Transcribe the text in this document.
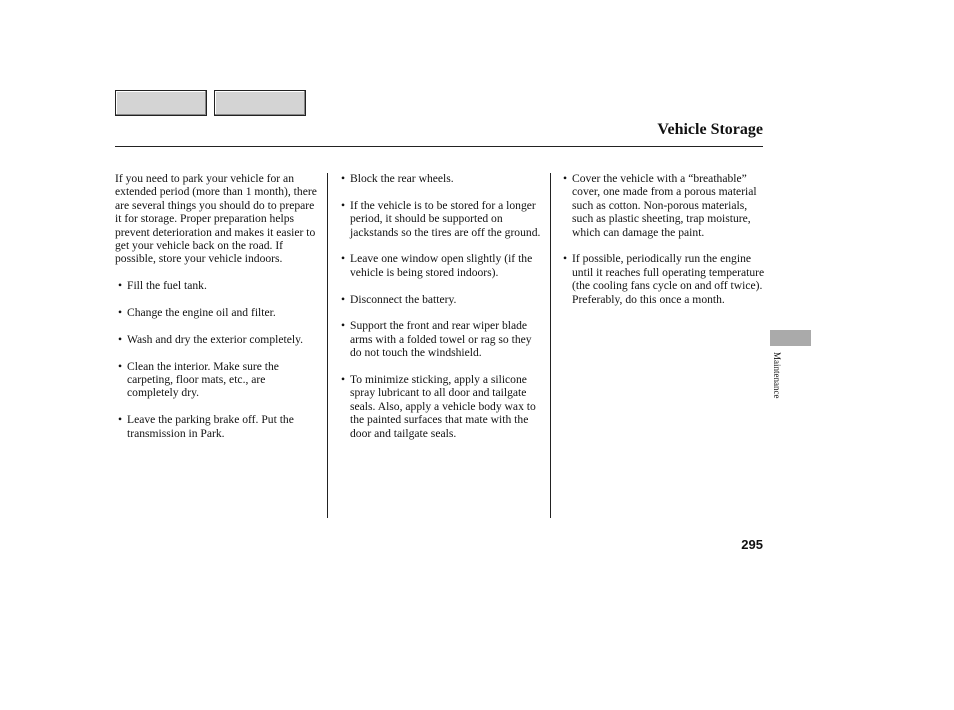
Vehicle Storage

If you need to park your vehicle for an extended period (more than 1 month), there are several things you should do to prepare it for storage. Proper preparation helps prevent deterioration and makes it easier to get your vehicle back on the road. If possible, store your vehicle indoors.

• Fill the fuel tank.
• Change the engine oil and filter.
• Wash and dry the exterior completely.
• Clean the interior. Make sure the carpeting, floor mats, etc., are completely dry.
• Leave the parking brake off. Put the transmission in Park.
• Block the rear wheels.
• If the vehicle is to be stored for a longer period, it should be supported on jackstands so the tires are off the ground.
• Leave one window open slightly (if the vehicle is being stored indoors).
• Disconnect the battery.
• Support the front and rear wiper blade arms with a folded towel or rag so they do not touch the windshield.
• To minimize sticking, apply a silicone spray lubricant to all door and tailgate seals. Also, apply a vehicle body wax to the painted surfaces that mate with the door and tailgate seals.
• Cover the vehicle with a “breathable” cover, one made from a porous material such as cotton. Non-porous materials, such as plastic sheeting, trap moisture, which can damage the paint.
• If possible, periodically run the engine until it reaches full operating temperature (the cooling fans cycle on and off twice). Preferably, do this once a month.
Maintenance
295
